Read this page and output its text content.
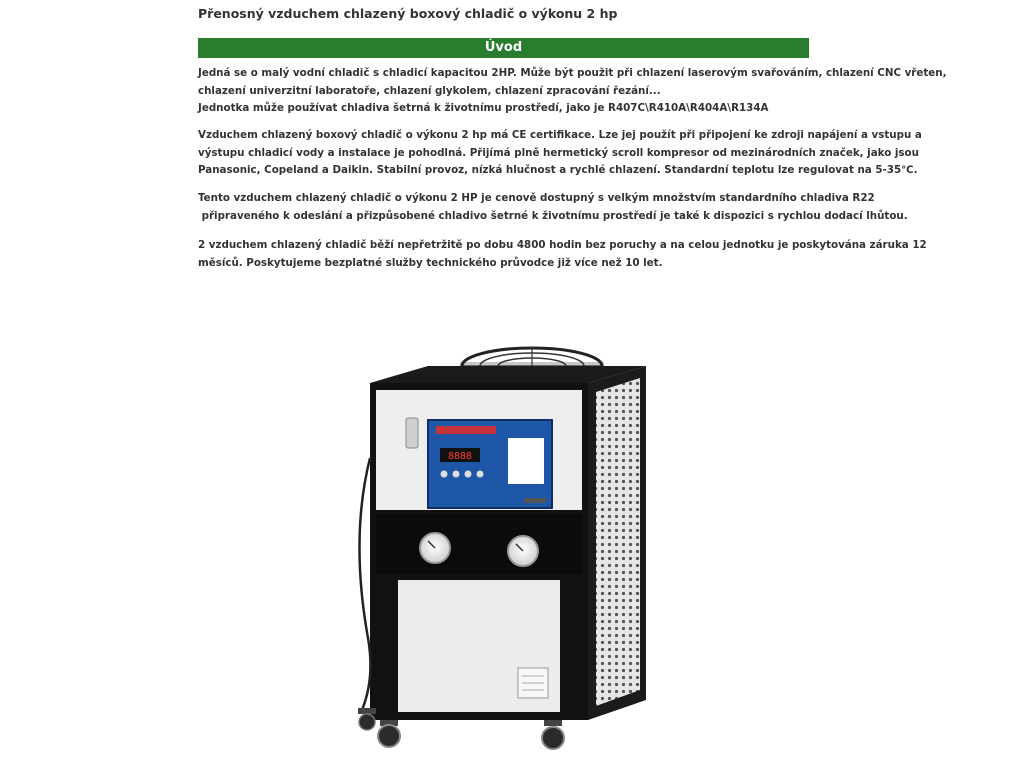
Přenosný vzduchem chlazený boxový chladič o výkonu 2 hp
Úvod
Jedná se o malý vodní chladič s chladicí kapacitou 2HP. Může být použit při chlazení laserovým svařováním, chlazení CNC vřeten,
chlazení univerzitní laboratoře, chlazení glykolem, chlazení zpracování řezání...
Jednotka může používat chladiva šetrná k životnímu prostředí, jako je R407C\R410A\R404A\R134A
Vzduchem chlazený boxový chladič o výkonu 2 hp má CE certifikace. Lze jej použít při připojení ke zdroji napájení a vstupu a
výstupu chladicí vody a instalace je pohodlná. Přijímá plně hermetický scroll kompresor od mezinárodních značek, jako jsou
Panasonic, Copeland a Daikin. Stabilní provoz, nízká hlučnost a rychlé chlazení. Standardní teplotu lze regulovat na 5-35℃.
Tento vzduchem chlazený chladič o výkonu 2 HP je cenově dostupný s velkým množstvím standardního chladiva R22
připraveného k odeslání a přizpůsobené chladivo šetrné k životnímu prostředí je také k dispozici s rychlou dodací lhůtou.
2 vzduchem chlazený chladič běží nepřetržitě po dobu 4800 hodin bez poruchy a na celou jednotku je poskytována záruka 12
měsíců. Poskytujeme bezplatné služby technického průvodce již více než 10 let.
8888
